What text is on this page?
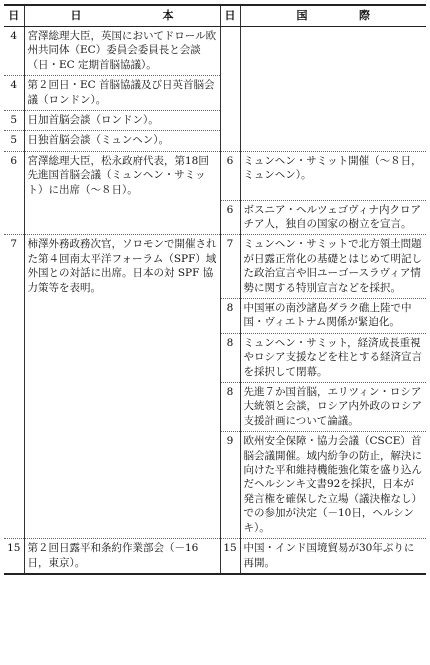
日	日 本	日	国 際

4	宮澤総理大臣，英国においてドロール欧州共同体（EC）委員会委員長と会談（日・EC 定期首脳協議）。		
4	第２回日・EC 首脳協議及び日英首脳会議（ロンドン）。		
5	日加首脳会談（ロンドン）。		
5	日独首脳会談（ミュンヘン）。		
6	宮澤総理大臣，松永政府代表，第18回先進国首脳会議（ミュンヘン・サミット）に出席（～８日）。	6	ミュンヘン・サミット開催（～８日，ミュンヘン）。
		6	ボスニア・ヘルツェゴヴィナ内クロアチア人，独自の国家の樹立を宣言。
7	柿澤外務政務次官，ソロモンで開催された第４回南太平洋フォーラム（SPF）域外国との対話に出席。日本の対 SPF 協力策等を表明。	7	ミュンヘン・サミットで北方領土問題が日露正常化の基礎とはじめて明記した政治宣言や旧ユーゴースラヴィア情勢に関する特別宣言などを採択。
		8	中国軍の南沙諸島ダラク礁上陸で中国・ヴィエトナム関係が緊迫化。
		8	ミュンヘン・サミット，経済成長重視やロシア支援などを柱とする経済宣言を採択して閉幕。
		8	先進７か国首脳，エリツィン・ロシア大統領と会談，ロシア内外政のロシア支援計画について論議。
		9	欧州安全保障・協力会議（CSCE）首脳会議開催。域内紛争の防止，解決に向けた平和維持機能強化策を盛り込んだヘルシンキ文書92を採択，日本が発言権を確保した立場（議決権なし）での参加が決定（－10日，ヘルシンキ）。
15	第２回日露平和条約作業部会（－16日，東京）。	15	中国・インド国境貿易が30年ぶりに再開。
